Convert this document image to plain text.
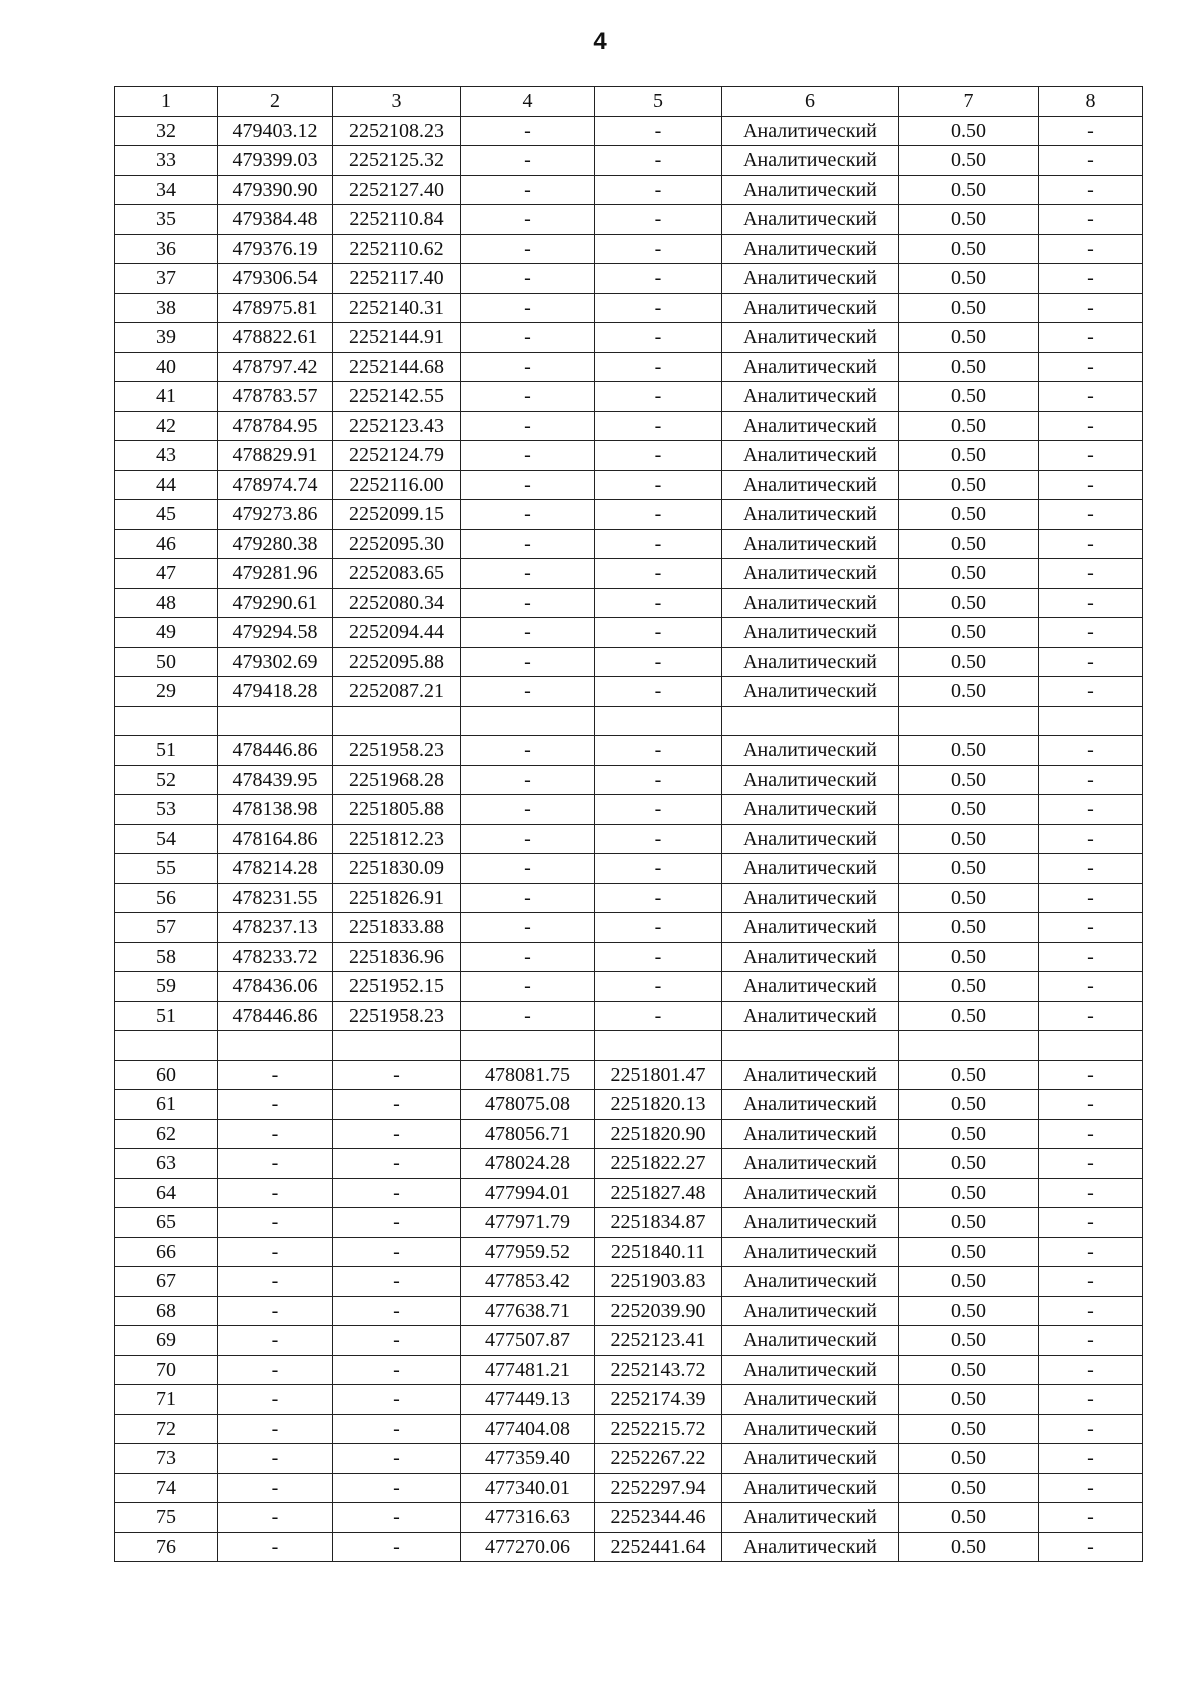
4
1	2	3	4	5	6	7	8
32	479403.12	2252108.23	-	-	Аналитический	0.50	-
33	479399.03	2252125.32	-	-	Аналитический	0.50	-
34	479390.90	2252127.40	-	-	Аналитический	0.50	-
35	479384.48	2252110.84	-	-	Аналитический	0.50	-
36	479376.19	2252110.62	-	-	Аналитический	0.50	-
37	479306.54	2252117.40	-	-	Аналитический	0.50	-
38	478975.81	2252140.31	-	-	Аналитический	0.50	-
39	478822.61	2252144.91	-	-	Аналитический	0.50	-
40	478797.42	2252144.68	-	-	Аналитический	0.50	-
41	478783.57	2252142.55	-	-	Аналитический	0.50	-
42	478784.95	2252123.43	-	-	Аналитический	0.50	-
43	478829.91	2252124.79	-	-	Аналитический	0.50	-
44	478974.74	2252116.00	-	-	Аналитический	0.50	-
45	479273.86	2252099.15	-	-	Аналитический	0.50	-
46	479280.38	2252095.30	-	-	Аналитический	0.50	-
47	479281.96	2252083.65	-	-	Аналитический	0.50	-
48	479290.61	2252080.34	-	-	Аналитический	0.50	-
49	479294.58	2252094.44	-	-	Аналитический	0.50	-
50	479302.69	2252095.88	-	-	Аналитический	0.50	-
29	479418.28	2252087.21	-	-	Аналитический	0.50	-

51	478446.86	2251958.23	-	-	Аналитический	0.50	-
52	478439.95	2251968.28	-	-	Аналитический	0.50	-
53	478138.98	2251805.88	-	-	Аналитический	0.50	-
54	478164.86	2251812.23	-	-	Аналитический	0.50	-
55	478214.28	2251830.09	-	-	Аналитический	0.50	-
56	478231.55	2251826.91	-	-	Аналитический	0.50	-
57	478237.13	2251833.88	-	-	Аналитический	0.50	-
58	478233.72	2251836.96	-	-	Аналитический	0.50	-
59	478436.06	2251952.15	-	-	Аналитический	0.50	-
51	478446.86	2251958.23	-	-	Аналитический	0.50	-

60	-	-	478081.75	2251801.47	Аналитический	0.50	-
61	-	-	478075.08	2251820.13	Аналитический	0.50	-
62	-	-	478056.71	2251820.90	Аналитический	0.50	-
63	-	-	478024.28	2251822.27	Аналитический	0.50	-
64	-	-	477994.01	2251827.48	Аналитический	0.50	-
65	-	-	477971.79	2251834.87	Аналитический	0.50	-
66	-	-	477959.52	2251840.11	Аналитический	0.50	-
67	-	-	477853.42	2251903.83	Аналитический	0.50	-
68	-	-	477638.71	2252039.90	Аналитический	0.50	-
69	-	-	477507.87	2252123.41	Аналитический	0.50	-
70	-	-	477481.21	2252143.72	Аналитический	0.50	-
71	-	-	477449.13	2252174.39	Аналитический	0.50	-
72	-	-	477404.08	2252215.72	Аналитический	0.50	-
73	-	-	477359.40	2252267.22	Аналитический	0.50	-
74	-	-	477340.01	2252297.94	Аналитический	0.50	-
75	-	-	477316.63	2252344.46	Аналитический	0.50	-
76	-	-	477270.06	2252441.64	Аналитический	0.50	-
